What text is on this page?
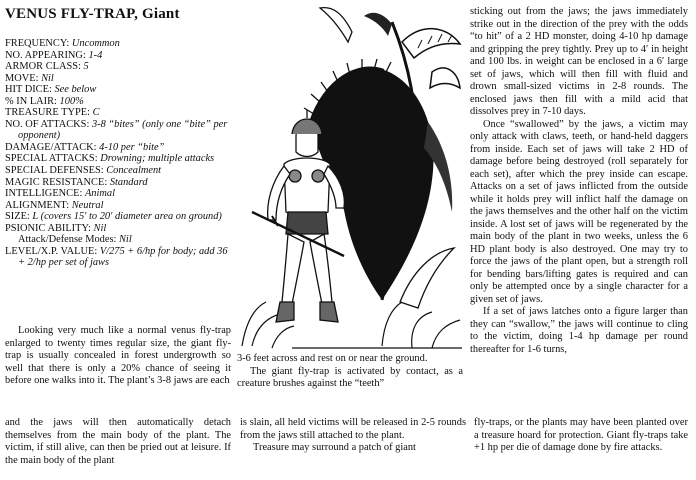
VENUS FLY-TRAP, Giant
FREQUENCY: Uncommon
NO. APPEARING: 1-4
ARMOR CLASS: 5
MOVE: Nil
HIT DICE: See below
% IN LAIR: 100%
TREASURE TYPE: C
NO. OF ATTACKS: 3-8 “bites” (only one “bite” per opponent)
DAMAGE/ATTACK: 4-10 per “bite”
SPECIAL ATTACKS: Drowning; multiple attacks
SPECIAL DEFENSES: Concealment
MAGIC RESISTANCE: Standard
INTELLIGENCE: Animal
ALIGNMENT: Neutral
SIZE: L (covers 15′ to 20′ diameter area on ground)
PSIONIC ABILITY: Nil
Attack/Defense Modes: Nil
LEVEL/X.P. VALUE: V/275 + 6/hp for body; add 36 + 2/hp per set of jaws

Looking very much like a normal venus fly-trap enlarged to twenty times regular size, the giant fly-trap is usually concealed in forest undergrowth so well that there is only a 20% chance of seeing it before one walks into it. The plant’s 3-8 jaws are each

3-6 feet across and rest on or near the ground.

The giant fly-trap is activated by contact, as a creature brushes against the “teeth”

sticking out from the jaws; the jaws immediately strike out in the direction of the prey with the odds “to hit” of a 2 HD monster, doing 4-10 hp damage and gripping the prey tightly. Prey up to 4′ in height and 100 lbs. in weight can be enclosed in a 6′ large set of jaws, which will then fill with fluid and drown small-sized victims in 2-8 rounds. The enclosed jaws then fill with a mild acid that dissolves prey in 7-10 days.

Once “swallowed” by the jaws, a victim may only attack with claws, teeth, or hand-held daggers from inside. Each set of jaws will take 2 HD of damage before being destroyed (roll separately for each set), after which the prey inside can escape. Attacks on a set of jaws inflicted from the outside while it holds prey will inflict half the damage on the jaws themselves and the other half on the victim inside. A lost set of jaws will be regenerated by the main body of the plant in two weeks, unless the 6 HD plant body is also destroyed. One may try to force the jaws of the plant open, but a strength roll for bending bars/lifting gates is required and can only be attempted once by a single character for a given set of jaws.

If a set of jaws latches onto a figure larger than they can “swallow,” the jaws will continue to cling to the victim, doing 1-4 hp damage per round thereafter for 1-6 turns,

and the jaws will then automatically detach themselves from the main body of the plant. The victim, if still alive, can then be pried out at leisure. If the main body of the plant

is slain, all held victims will be released in 2-5 rounds from the jaws still attached to the plant.

Treasure may surround a patch of giant

fly-traps, or the plants may have been planted over a treasure hoard for protection. Giant fly-traps take +1 hp per die of damage done by fire attacks.
